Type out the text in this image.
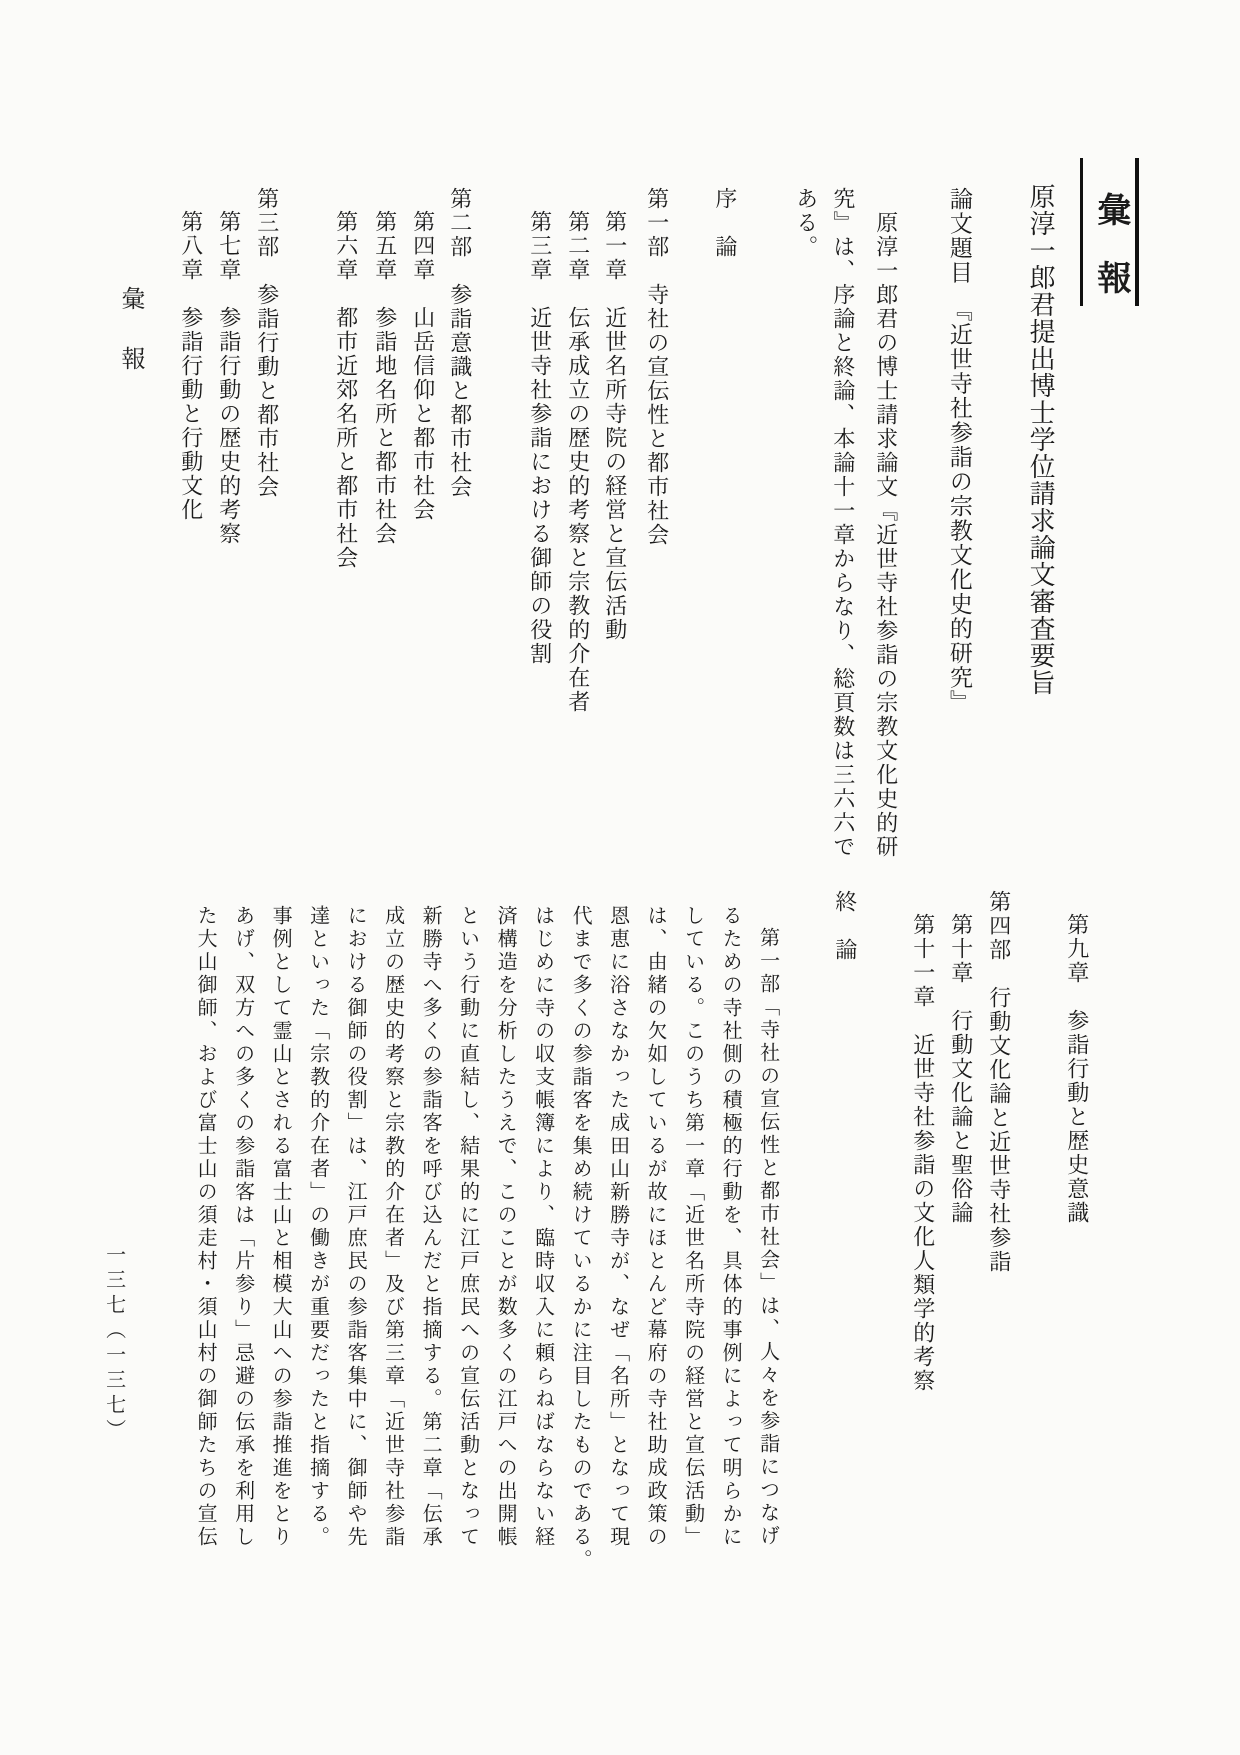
彙報
彙　報
一三七（一三七）
原淳一郎君提出博士学位請求論文審査要旨
論文題目　『近世寺社参詣の宗教文化史的研究』
原淳一郎君の博士請求論文『近世寺社参詣の宗教文化史的研
究』は、序論と終論、本論十一章からなり、総頁数は三六六で
ある。
序　論
第一部　寺社の宣伝性と都市社会
第一章　近世名所寺院の経営と宣伝活動
第二章　伝承成立の歴史的考察と宗教的介在者
第三章　近世寺社参詣における御師の役割
第二部　参詣意識と都市社会
第四章　山岳信仰と都市社会
第五章　参詣地名所と都市社会
第六章　都市近郊名所と都市社会
第三部　参詣行動と都市社会
第七章　参詣行動の歴史的考察
第八章　参詣行動と行動文化
第九章　参詣行動と歴史意識
第四部　行動文化論と近世寺社参詣
第十章　行動文化論と聖俗論
第十一章　近世寺社参詣の文化人類学的考察
終　論
第一部「寺社の宣伝性と都市社会」は、人々を参詣につなげ
るための寺社側の積極的行動を、具体的事例によって明らかに
している。このうち第一章「近世名所寺院の経営と宣伝活動」
は、由緒の欠如しているが故にほとんど幕府の寺社助成政策の
恩恵に浴さなかった成田山新勝寺が、なぜ「名所」となって現
代まで多くの参詣客を集め続けているかに注目したものである。
はじめに寺の収支帳簿により、臨時収入に頼らねばならない経
済構造を分析したうえで、このことが数多くの江戸への出開帳
という行動に直結し、結果的に江戸庶民への宣伝活動となって
新勝寺へ多くの参詣客を呼び込んだと指摘する。第二章「伝承
成立の歴史的考察と宗教的介在者」及び第三章「近世寺社参詣
における御師の役割」は、江戸庶民の参詣客集中に、御師や先
達といった「宗教的介在者」の働きが重要だったと指摘する。
事例として霊山とされる富士山と相模大山への参詣推進をとり
あげ、双方への多くの参詣客は「片参り」忌避の伝承を利用し
た大山御師、および富士山の須走村・須山村の御師たちの宣伝
